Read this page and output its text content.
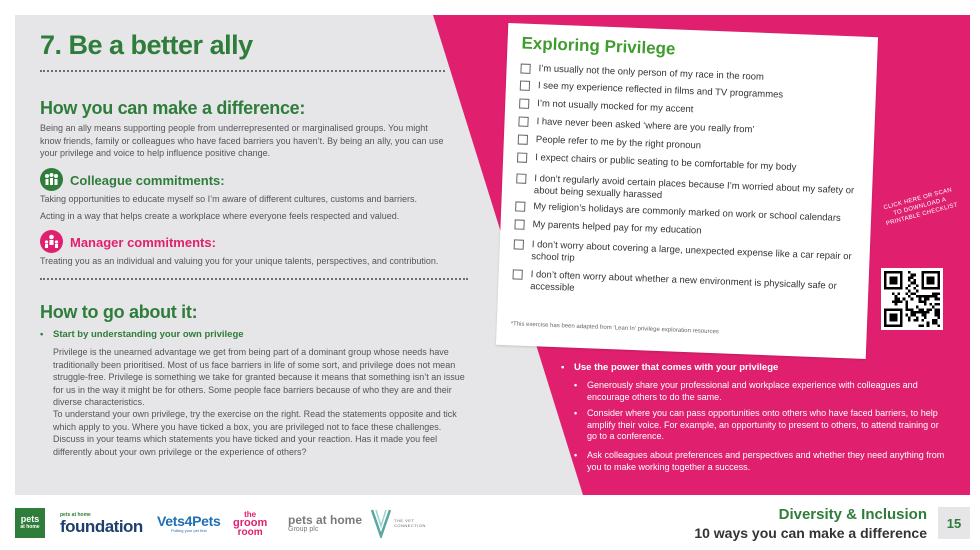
7. Be a better ally
How you can make a difference:
Being an ally means supporting people from underrepresented or marginalised groups. You might know friends, family or colleagues who have faced barriers you haven’t. By being an ally, you can use your privilege and voice to help influence positive change.
Colleague commitments:
Taking opportunities to educate myself so I’m aware of different cultures, customs and barriers.
Acting in a way that helps create a workplace where everyone feels respected and valued.
Manager commitments:
Treating you as an individual and valuing you for your unique talents, perspectives, and contribution.
How to go about it:
• Start by understanding your own privilege
Privilege is the unearned advantage we get from being part of a dominant group whose needs have traditionally been prioritised. Most of us face barriers in life of some sort, and privilege does not mean struggle-free. Privilege is something we take for granted because it means that something isn’t an issue for us in the way it might be for others. Some people face barriers because of who they are and their diverse characteristics.
To understand your own privilege, try the exercise on the right. Read the statements opposite and tick which apply to you. Where you have ticked a box, you are privileged not to face these challenges. Discuss in your teams which statements you have ticked and your reaction. Has it made you feel differently about your own privilege or the experience of others?
Exploring Privilege
I’m usually not the only person of my race in the room
I see my experience reflected in films and TV programmes
I’m not usually mocked for my accent
I have never been asked ‘where are you really from’
People refer to me by the right pronoun
I expect chairs or public seating to be comfortable for my body
I don’t regularly avoid certain places because I’m worried about my safety or about being sexually harassed
My religion’s holidays are commonly marked on work or school calendars
My parents helped pay for my education
I don’t worry about covering a large, unexpected expense like a car repair or school trip
I don’t often worry about whether a new environment is physically safe or accessible
*This exercise has been adapted from ‘Lean In’ privilege exploration resources
CLICK HERE OR SCAN TO DOWNLOAD A PRINTABLE CHECKLIST
• Use the power that comes with your privilege
• Generously share your professional and workplace experience with colleagues and encourage others to do the same.
• Consider where you can pass opportunities onto others who have faced barriers, to help amplify their voice. For example, an opportunity to present to others, to attend training or go to a conference.
• Ask colleagues about preferences and perspectives and whether they need anything from you to make working together a success.
pets
at home
pets at home
foundation Vets4Pets
Putting your pet first
the
groom
room
pets at home
Group plc
THE VET CONNECTION
Diversity & Inclusion
10 ways you can make a difference
15
